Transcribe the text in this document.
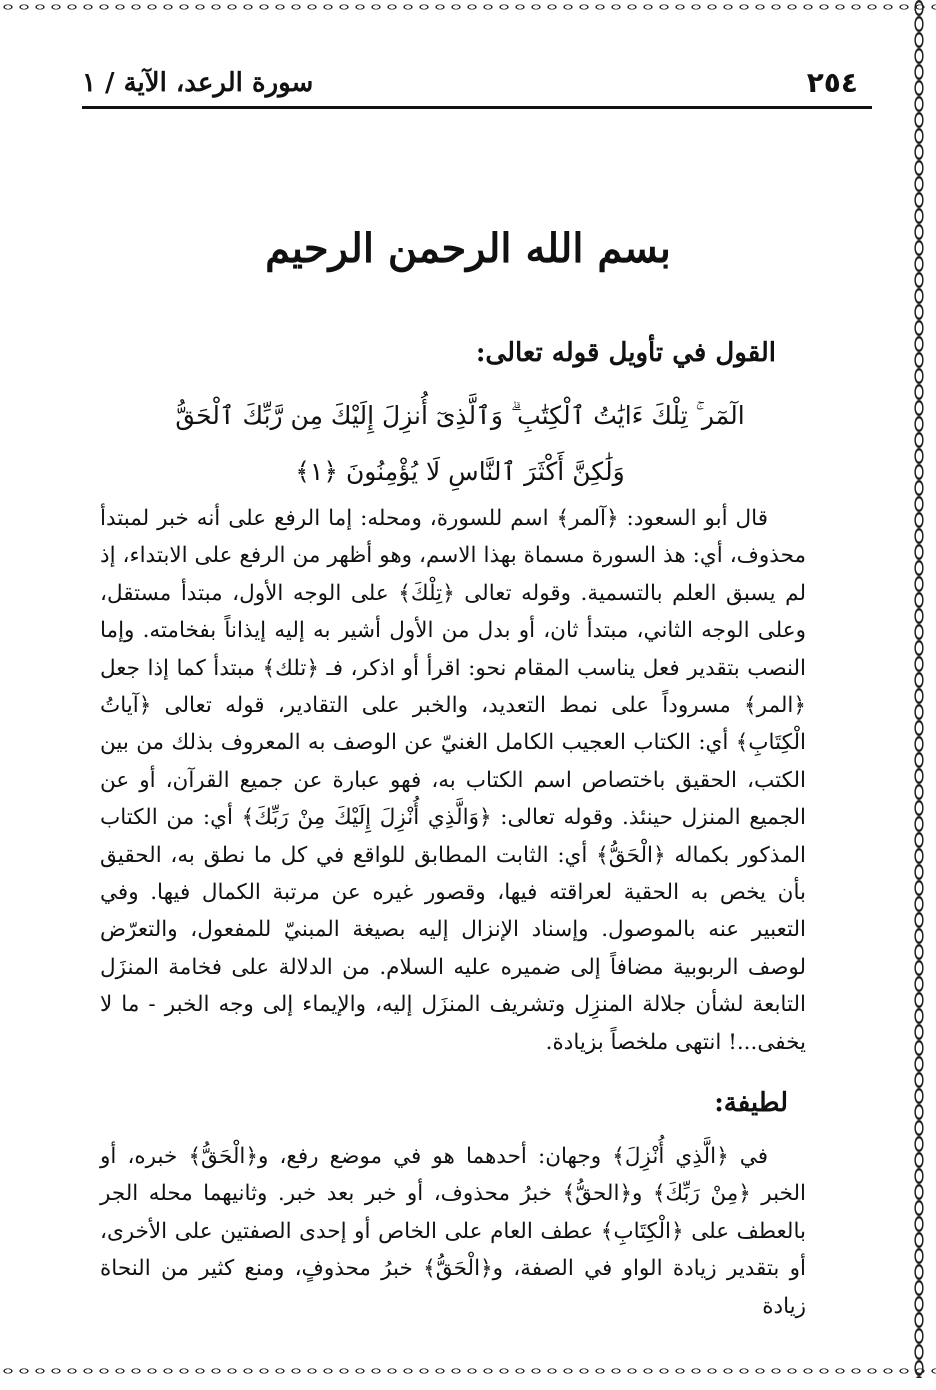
٢٥٤
سورة الرعد، الآية / ١
بسم الله الرحمن الرحيم
القول في تأويل قوله تعالى:
الٓمٓر ۚ تِلْكَ ءَايَٰتُ ٱلْكِتَٰبِ ۗ وَٱلَّذِىٓ أُنزِلَ إِلَيْكَ مِن رَّبِّكَ ٱلْحَقُّ وَلَٰكِنَّ أَكْثَرَ ٱلنَّاسِ لَا يُؤْمِنُونَ ﴿١﴾

قال أبو السعود: ﴿آلمر﴾ اسم للسورة، ومحله: إما الرفع على أنه خبر لمبتدأ محذوف، أي: هذ السورة مسماة بهذا الاسم، وهو أظهر من الرفع على الابتداء، إذ لم يسبق العلم بالتسمية. وقوله تعالى ﴿تِلْكَ﴾ على الوجه الأول، مبتدأ مستقل، وعلى الوجه الثاني، مبتدأ ثان، أو بدل من الأول أشير به إليه إيذاناً بفخامته. وإما النصب بتقدير فعل يناسب المقام نحو: اقرأ أو اذكر، فـ ﴿تلك﴾ مبتدأ كما إذا جعل ﴿المر﴾ مسروداً على نمط التعديد، والخبر على التقادير، قوله تعالى ﴿آياتُ الْكِتَابِ﴾ أي: الكتاب العجيب الكامل الغنيّ عن الوصف به المعروف بذلك من بين الكتب، الحقيق باختصاص اسم الكتاب به، فهو عبارة عن جميع القرآن، أو عن الجميع المنزل حينئذ. وقوله تعالى: ﴿وَالَّذِي أُنْزِلَ إِلَيْكَ مِنْ رَبِّكَ﴾ أي: من الكتاب المذكور بكماله ﴿الْحَقُّ﴾ أي: الثابت المطابق للواقع في كل ما نطق به، الحقيق بأن يخص به الحقية لعراقته فيها، وقصور غيره عن مرتبة الكمال فيها. وفي التعبير عنه بالموصول. وإسناد الإنزال إليه بصيغة المبنيّ للمفعول، والتعرّض لوصف الربوبية مضافاً إلى ضميره عليه السلام. من الدلالة على فخامة المنزَل التابعة لشأن جلالة المنزِل وتشريف المنزَل إليه، والإيماء إلى وجه الخبر - ما لا يخفى...! انتهى ملخصاً بزيادة.

لطيفة:

في ﴿الَّذِي أُنْزِلَ﴾ وجهان: أحدهما هو في موضع رفع، و﴿الْحَقُّ﴾ خبره، أو الخبر ﴿مِنْ رَبِّكَ﴾ و﴿الحقُّ﴾ خبرُ محذوف، أو خبر بعد خبر. وثانيهما محله الجر بالعطف على ﴿الْكِتَابِ﴾ عطف العام على الخاص أو إحدى الصفتين على الأخرى، أو بتقدير زيادة الواو في الصفة، و﴿الْحَقُّ﴾ خبرُ محذوفٍ، ومنع كثير من النحاة زيادة
